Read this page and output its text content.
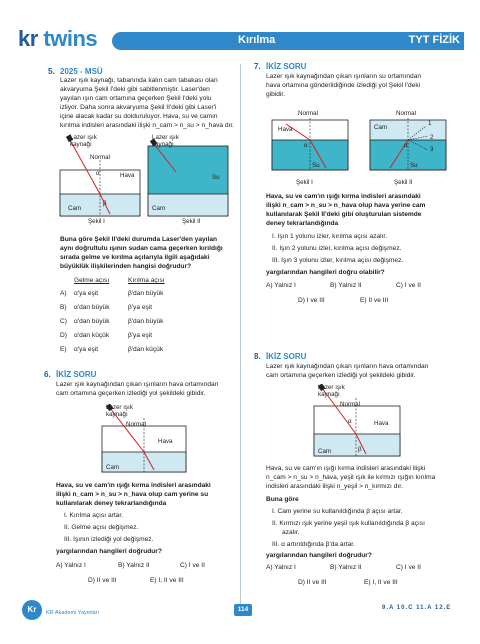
kr twins	Kırılma	TYT FİZİK
5. 2025 - MSÜ
Lazer ışık kaynağı, tabanında kalın cam tabakası olan
akvaryuma Şekil I'deki gibi sabitlenmiştir. Laser'den
yayılan ışın cam ortamına geçerken Şekil I'deki yolu
izliyor. Daha sonra akvaryuma Şekil II'deki gibi Laser'i
içine alacak kadar su dolduruluyor. Hava, su ve camın
kırılma indisleri arasındaki ilişki n_cam > n_su > n_hava dır.
Lazer ışık
kaynağı
Normal
α
β
Hava
Cam
Lazer ışık
kaynağı
Su
Cam
Şekil I	Şekil II
Buna göre Şekil II'deki durumda Laser'den yayılan
aynı doğrultulu ışının sudan cama geçerken kırıldığı
sırada gelme ve kırılma açılarıyla ilgili aşağıdaki
büyüklük ilişkilerinden hangisi doğrudur?
Gelme açısı	Kırılma açısı
A) α'ya eşit	β'dan büyük
B) α'dan büyük	β'ya eşit
C) α'dan büyük	β'dan büyük
D) α'dan küçük	β'ya eşit
E) α'ya eşit	β'dan küçük
6. İKİZ SORU
Lazer ışık kaynağından çıkan ışınların hava ortamından
cam ortamına geçerken izlediği yol şekildeki gibidir.
Lazer ışık
kaynağı
Normal
Hava
Cam
Hava, su ve cam'ın ışığı kırma indisleri arasındaki
ilişki n_cam > n_su > n_hava olup cam yerine su
kullanılarak deney tekrarlandığında
I. Kırılma açısı artar.
II. Gelme açısı değişmez.
III. Işının izlediği yol değişmez.
yargılarından hangileri doğrudur?
A) Yalnız I	B) Yalnız II	C) I ve II
D) II ve III	E) I, II ve III
7. İKİZ SORU
Lazer ışık kaynağından çıkan ışınların su ortamından
hava ortamına gönderildiğinde izlediği yol Şekil I'deki
gibidir.
Normal
Hava
α
Su
Normal
Cam
α
1
2
3
Su
Şekil I	Şekil II
Hava, su ve cam'ın ışığı kırma indisleri arasındaki
ilişki n_cam > n_su > n_hava olup hava yerine cam
kullanılarak Şekil II'deki gibi oluşturulan sistemde
deney tekrarlandığında
I. Işın 1 yolunu izler, kırılma açısı azalır.
II. Işın 2 yolunu izler, kırılma açısı değişmez.
III. Işın 3 yolunu izler, kırılma açısı değişmez.
yargılarından hangileri doğru olabilir?
A) Yalnız I	B) Yalnız II	C) I ve II
D) I ve III	E) II ve III
8. İKİZ SORU
Lazer ışık kaynağından çıkan ışınların hava ortamından
cam ortamına geçerken izlediği yol şekildeki gibidir.
Lazer ışık
kaynağı
Normal
α	Hava
β
Cam
Hava, su ve cam'ın ışığı kırma indisleri arasındaki ilişki
n_cam > n_su > n_hava, yeşil ışık ile kırmızı ışığın kırılma
indisleri arasındaki ilişki n_yeşil > n_kırmızı dır.
Buna göre
I. Cam yerine su kullanıldığında β açısı artar.
II. Kırmızı ışık yerine yeşil ışık kullanıldığında β açısı
azalır.
III. α artırıldığında β'da artar.
yargılarından hangileri doğrudur?
A) Yalnız I	B) Yalnız II	C) I ve II
D) II ve III	E) I, II ve III
Kr	KR Akademi Yayınları	114	9.A 10.C 11.A 12.E
